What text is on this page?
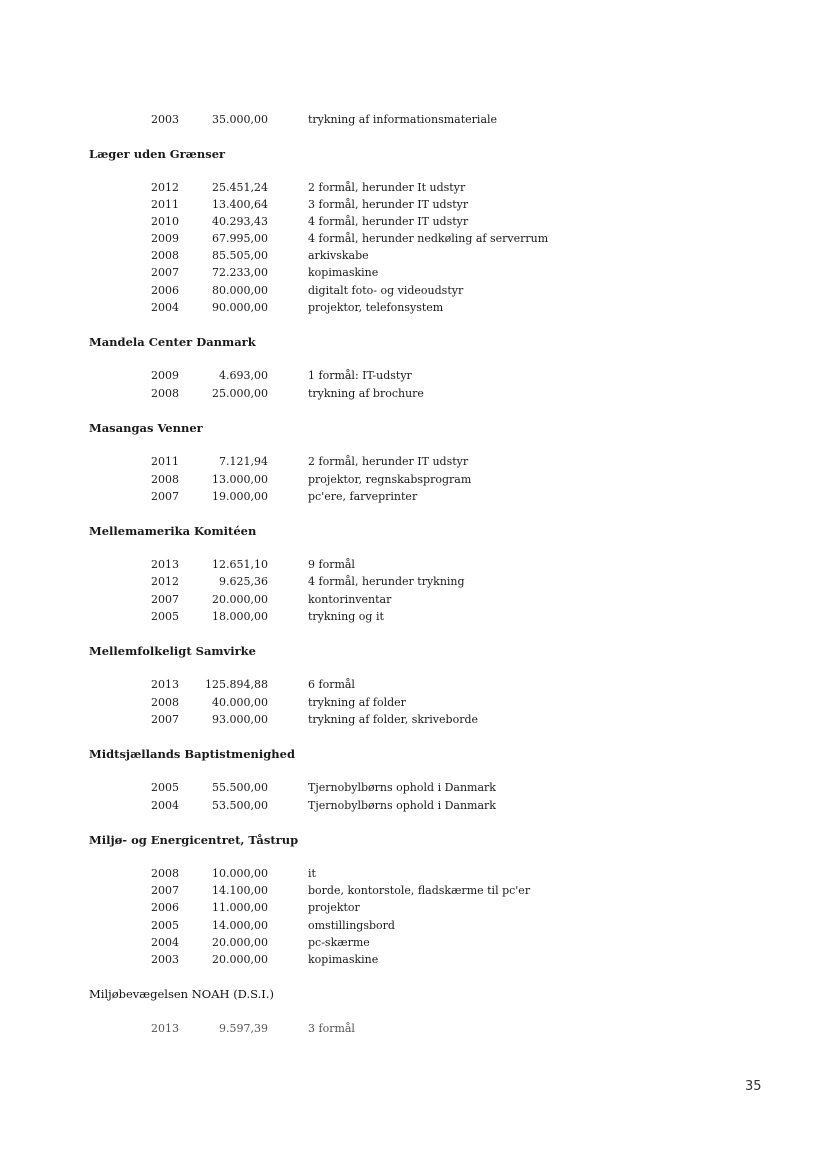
2003	35.000,00	trykning af informationsmateriale
Læger uden Grænser
2012	25.451,24	2 formål, herunder It udstyr
2011	13.400,64	3 formål, herunder IT udstyr
2010	40.293,43	4 formål, herunder IT udstyr
2009	67.995,00	4 formål, herunder nedkøling af serverrum
2008	85.505,00	arkivskabe
2007	72.233,00	kopimaskine
2006	80.000,00	digitalt foto- og videoudstyr
2004	90.000,00	projektor, telefonsystem
Mandela Center Danmark
2009	4.693,00	1 formål: IT-udstyr
2008	25.000,00	trykning af brochure
Masangas Venner
2011	7.121,94	2 formål, herunder IT udstyr
2008	13.000,00	projektor, regnskabsprogram
2007	19.000,00	pc'ere, farveprinter
Mellemamerika Komitéen
2013	12.651,10	9 formål
2012	9.625,36	4 formål, herunder trykning
2007	20.000,00	kontorinventar
2005	18.000,00	trykning og it
Mellemfolkeligt Samvirke
2013	125.894,88	6 formål
2008	40.000,00	trykning af folder
2007	93.000,00	trykning af folder, skriveborde
Midtsjællands Baptistmenighed
2005	55.500,00	Tjernobylbørns ophold i Danmark
2004	53.500,00	Tjernobylbørns ophold i Danmark
Miljø- og Energicentret, Tåstrup
2008	10.000,00	it
2007	14.100,00	borde, kontorstole, fladskærme til pc'er
2006	11.000,00	projektor
2005	14.000,00	omstillingsbord
2004	20.000,00	pc-skærme
2003	20.000,00	kopimaskine
Miljøbevægelsen NOAH (D.S.I.)
2013	9.597,39	3 formål
35
